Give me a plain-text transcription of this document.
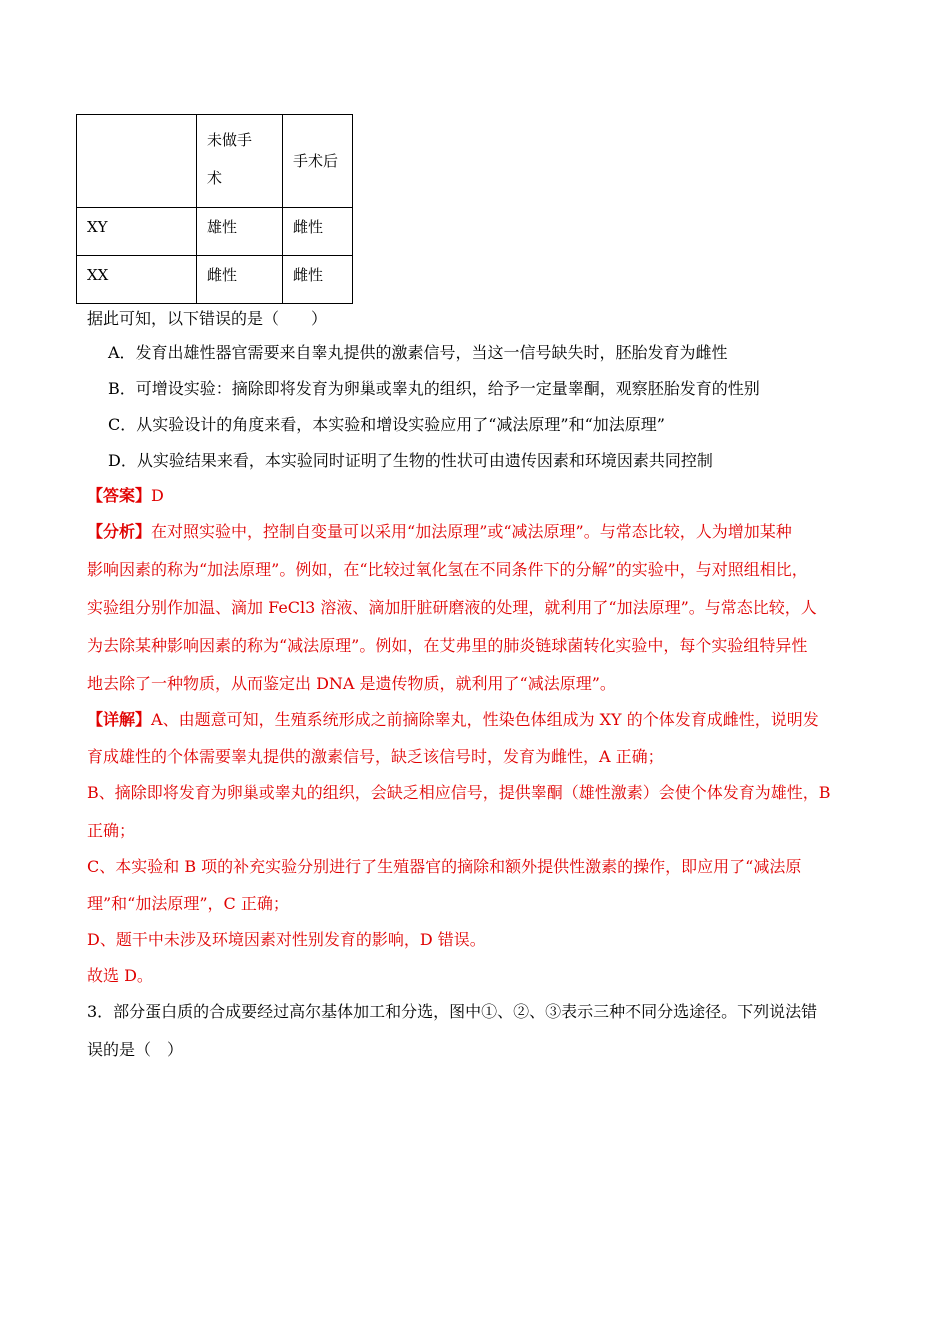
	未做手术	手术后
XY	雄性	雌性
XX	雌性	雌性
据此可知，以下错误的是（　　）
A．发育出雄性器官需要来自睾丸提供的激素信号，当这一信号缺失时，胚胎发育为雌性
B．可增设实验：摘除即将发育为卵巢或睾丸的组织，给予一定量睾酮，观察胚胎发育的性别
C．从实验设计的角度来看，本实验和增设实验应用了“减法原理”和“加法原理”
D．从实验结果来看，本实验同时证明了生物的性状可由遗传因素和环境因素共同控制
【答案】D
【分析】在对照实验中，控制自变量可以采用“加法原理”或“减法原理”。与常态比较，人为增加某种
影响因素的称为“加法原理”。例如，在“比较过氧化氢在不同条件下的分解”的实验中，与对照组相比，
实验组分别作加温、滴加 FeCl3 溶液、滴加肝脏研磨液的处理，就利用了“加法原理”。与常态比较，人
为去除某种影响因素的称为“减法原理”。例如，在艾弗里的肺炎链球菌转化实验中，每个实验组特异性
地去除了一种物质，从而鉴定出 DNA 是遗传物质，就利用了“减法原理”。
【详解】A、由题意可知，生殖系统形成之前摘除睾丸，性染色体组成为 XY 的个体发育成雌性，说明发
育成雄性的个体需要睾丸提供的激素信号，缺乏该信号时，发育为雌性，A 正确；
B、摘除即将发育为卵巢或睾丸的组织，会缺乏相应信号，提供睾酮（雄性激素）会使个体发育为雄性，B
正确；
C、本实验和 B 项的补充实验分别进行了生殖器官的摘除和额外提供性激素的操作，即应用了“减法原
理”和“加法原理”，C 正确；
D、题干中未涉及环境因素对性别发育的影响，D 错误。
故选 D。
3．部分蛋白质的合成要经过高尔基体加工和分选，图中①、②、③表示三种不同分选途径。下列说法错
误的是（　）
